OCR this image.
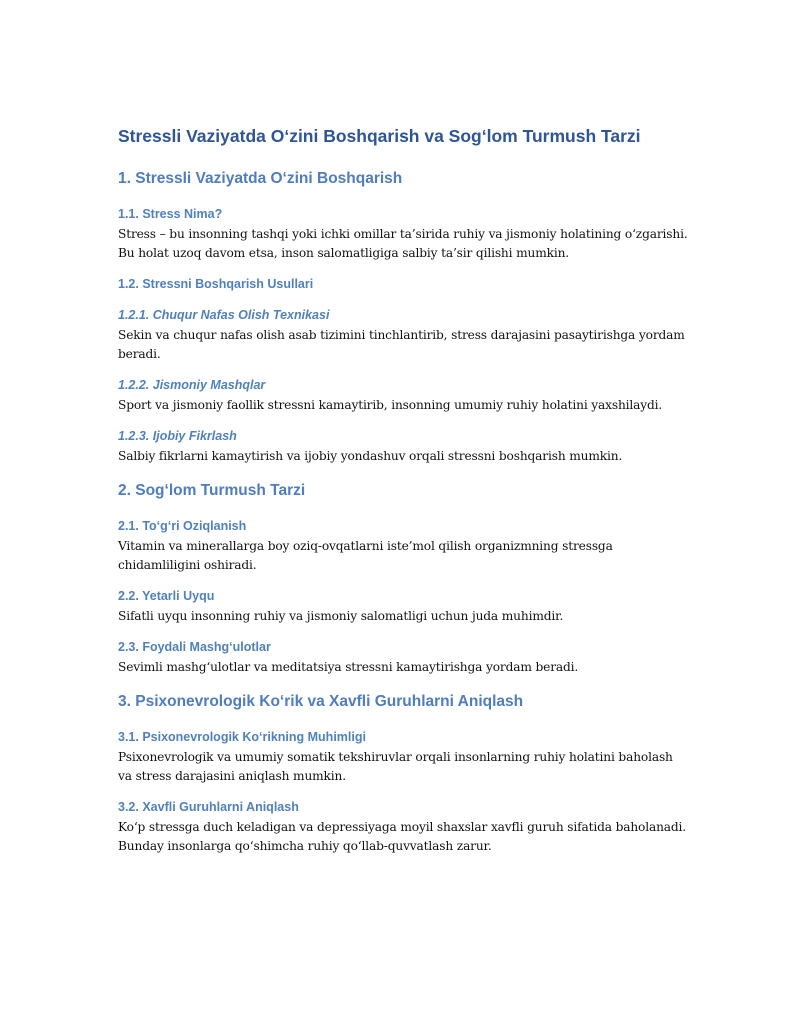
Stressli Vaziyatda O‘zini Boshqarish va Sog‘lom Turmush Tarzi
1. Stressli Vaziyatda O‘zini Boshqarish
1.1. Stress Nima?
Stress – bu insonning tashqi yoki ichki omillar ta’sirida ruhiy va jismoniy holatining o‘zgarishi. Bu holat uzoq davom etsa, inson salomatligiga salbiy ta’sir qilishi mumkin.
1.2. Stressni Boshqarish Usullari
1.2.1. Chuqur Nafas Olish Texnikasi
Sekin va chuqur nafas olish asab tizimini tinchlantirib, stress darajasini pasaytirishga yordam beradi.
1.2.2. Jismoniy Mashqlar
Sport va jismoniy faollik stressni kamaytirib, insonning umumiy ruhiy holatini yaxshilaydi.
1.2.3. Ijobiy Fikrlash
Salbiy fikrlarni kamaytirish va ijobiy yondashuv orqali stressni boshqarish mumkin.
2. Sog‘lom Turmush Tarzi
2.1. To‘g‘ri Oziqlanish
Vitamin va minerallarga boy oziq-ovqatlarni iste’mol qilish organizmning stressga chidamliligini oshiradi.
2.2. Yetarli Uyqu
Sifatli uyqu insonning ruhiy va jismoniy salomatligi uchun juda muhimdir.
2.3. Foydali Mashg‘ulotlar
Sevimli mashg‘ulotlar va meditatsiya stressni kamaytirishga yordam beradi.
3. Psixonevrologik Ko‘rik va Xavfli Guruhlarni Aniqlash
3.1. Psixonevrologik Ko‘rikning Muhimligi
Psixonevrologik va umumiy somatik tekshiruvlar orqali insonlarning ruhiy holatini baholash va stress darajasini aniqlash mumkin.
3.2. Xavfli Guruhlarni Aniqlash
Ko‘p stressga duch keladigan va depressiyaga moyil shaxslar xavfli guruh sifatida baholanadi. Bunday insonlarga qo‘shimcha ruhiy qo‘llab-quvvatlash zarur.
